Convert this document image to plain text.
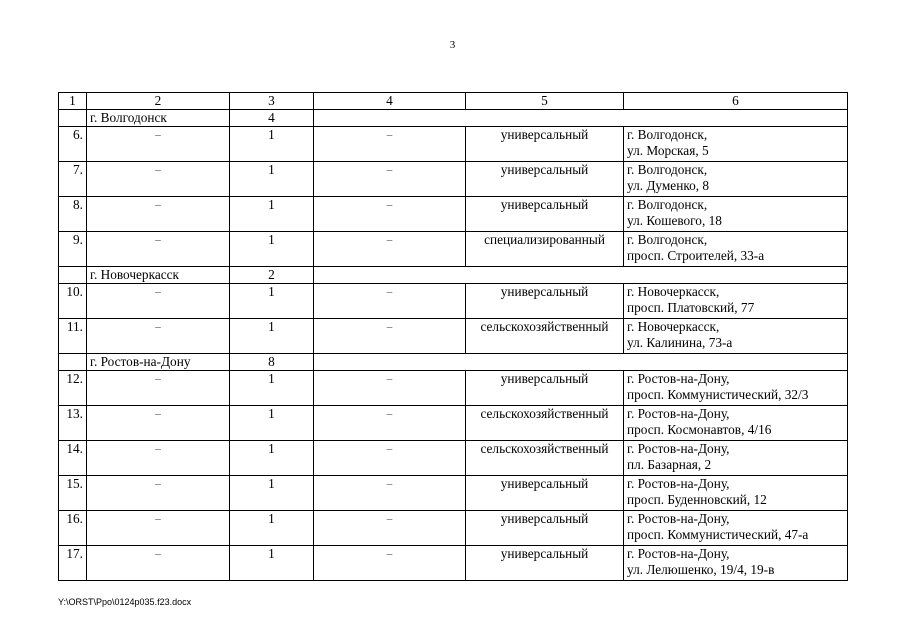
3
1	2	3	4	5	6
	г. Волгодонск	4			
6.	–	1	–	универсальный	г. Волгодонск,
ул. Морская, 5

7.	–	1	–	универсальный	г. Волгодонск,
ул. Думенко, 8

8.	–	1	–	универсальный	г. Волгодонск,
ул. Кошевого, 18

9.	–	1	–	специализированный	г. Волгодонск,
просп. Строителей, 33-а

	г. Новочеркасск	2			
10.	–	1	–	универсальный	г. Новочеркасск,
просп. Платовский, 77

11.	–	1	–	сельскохозяйственный	г. Новочеркасск,
ул. Калинина, 73-а

	г. Ростов-на-Дону	8			
12.	–	1	–	универсальный	г. Ростов-на-Дону,
просп. Коммунистический, 32/3

13.	–	1	–	сельскохозяйственный	г. Ростов-на-Дону,
просп. Космонавтов, 4/16

14.	–	1	–	сельскохозяйственный	г. Ростов-на-Дону,
пл. Базарная, 2

15.	–	1	–	универсальный	г. Ростов-на-Дону,
просп. Буденновский, 12

16.	–	1	–	универсальный	г. Ростов-на-Дону,
просп. Коммунистический, 47-а

17.	–	1	–	универсальный	г. Ростов-на-Дону,
ул. Лелюшенко, 19/4, 19-в
Y:\ORST\Ppo\0124p035.f23.docx
